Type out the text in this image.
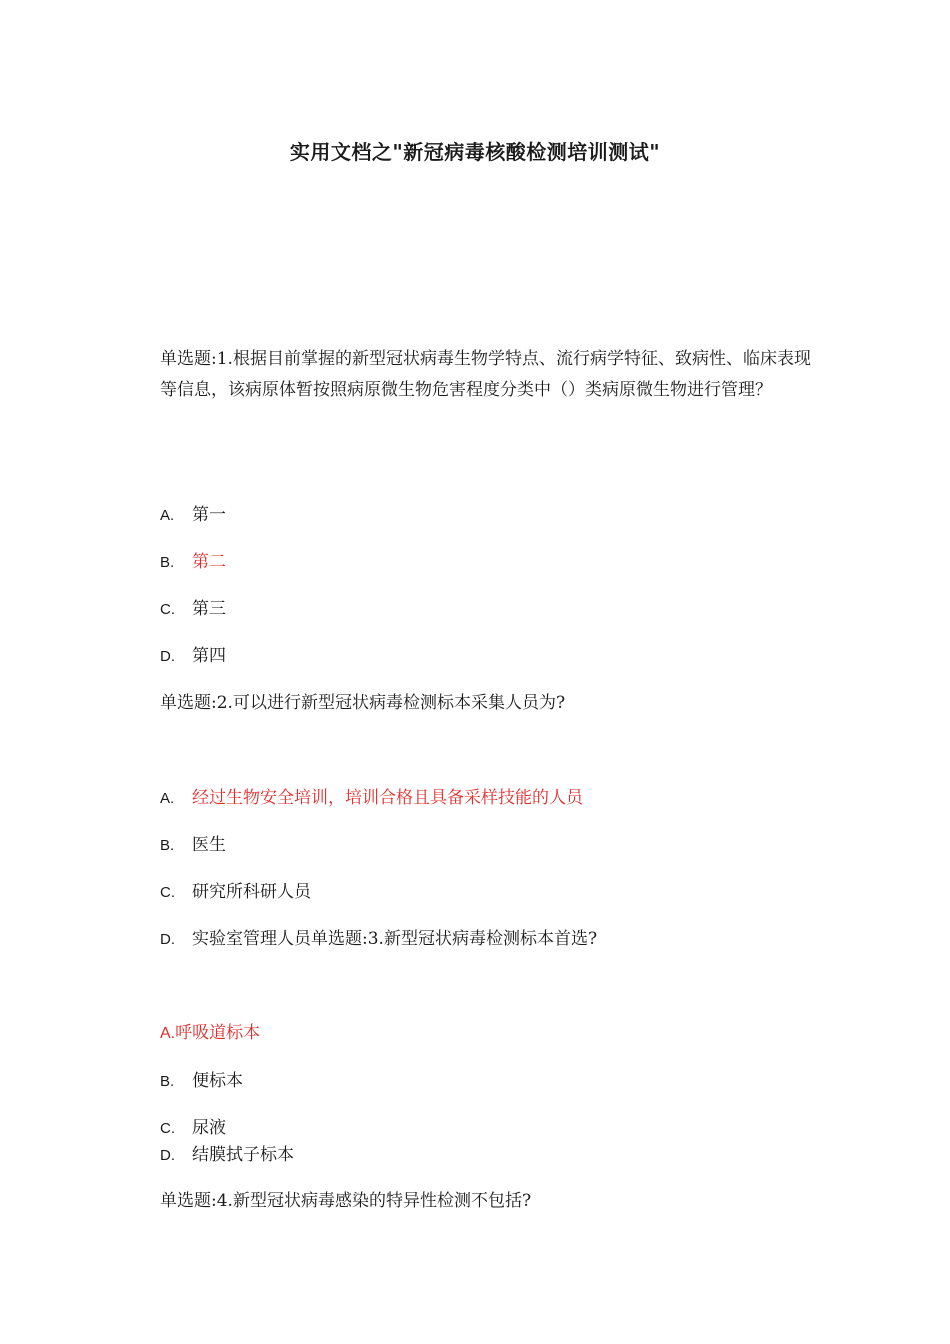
实用文档之"新冠病毒核酸检测培训测试"
单选题:1.根据目前掌握的新型冠状病毒生物学特点、流行病学特征、致病性、临床表现等信息，该病原体暂按照病原微生物危害程度分类中（）类病原微生物进行管理？
A. 第一
B. 第二
C. 第三
D. 第四
单选题:2.可以进行新型冠状病毒检测标本采集人员为?
A. 经过生物安全培训，培训合格且具备采样技能的人员
B. 医生
C. 研究所科研人员
D. 实验室管理人员单选题:3.新型冠状病毒检测标本首选?
A.呼吸道标本
B. 便标本
C. 尿液
D. 结膜拭子标本
单选题:4.新型冠状病毒感染的特异性检测不包括?
